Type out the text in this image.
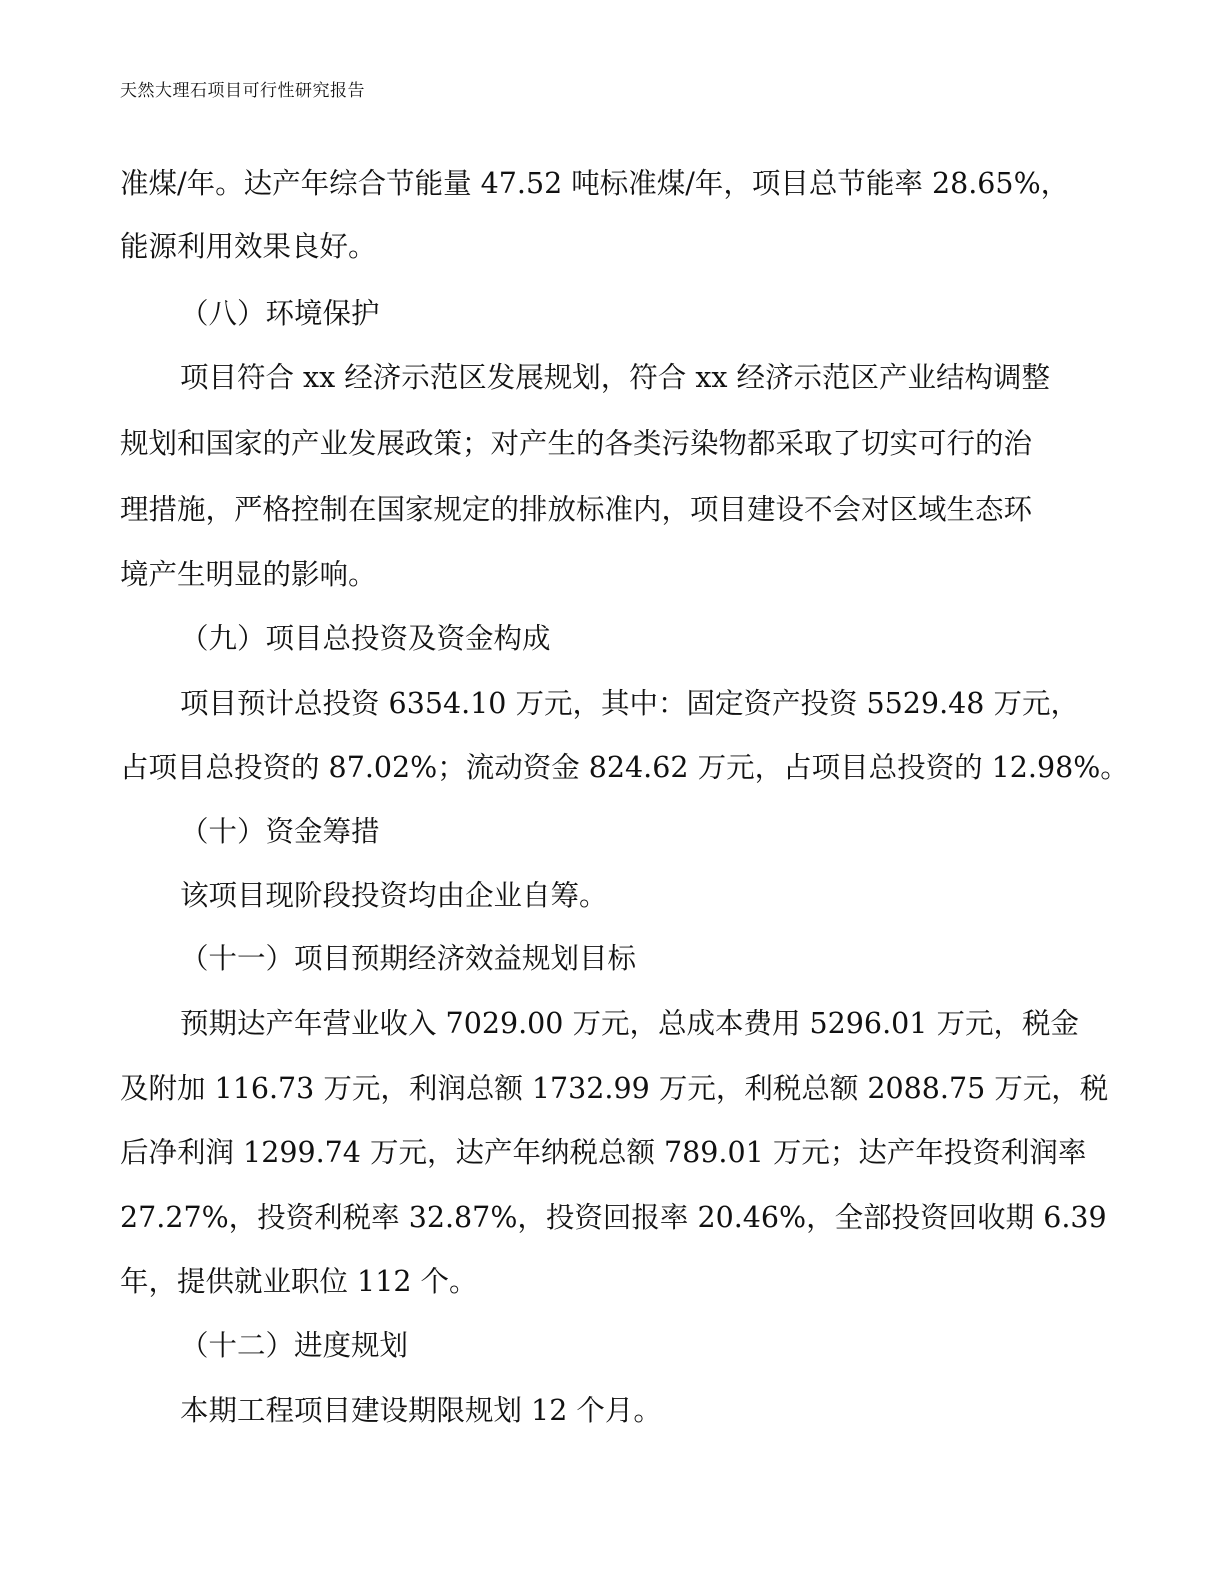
天然大理石项目可行性研究报告
准煤/年。达产年综合节能量 47.52 吨标准煤/年，项目总节能率 28.65%，
能源利用效果良好。
（八）环境保护
项目符合 xx 经济示范区发展规划，符合 xx 经济示范区产业结构调整
规划和国家的产业发展政策；对产生的各类污染物都采取了切实可行的治
理措施，严格控制在国家规定的排放标准内，项目建设不会对区域生态环
境产生明显的影响。
（九）项目总投资及资金构成
项目预计总投资 6354.10 万元，其中：固定资产投资 5529.48 万元，
占项目总投资的 87.02%；流动资金 824.62 万元，占项目总投资的 12.98%。
（十）资金筹措
该项目现阶段投资均由企业自筹。
（十一）项目预期经济效益规划目标
预期达产年营业收入 7029.00 万元，总成本费用 5296.01 万元，税金
及附加 116.73 万元，利润总额 1732.99 万元，利税总额 2088.75 万元，税
后净利润 1299.74 万元，达产年纳税总额 789.01 万元；达产年投资利润率
27.27%，投资利税率 32.87%，投资回报率 20.46%，全部投资回收期 6.39
年，提供就业职位 112 个。
（十二）进度规划
本期工程项目建设期限规划 12 个月。
